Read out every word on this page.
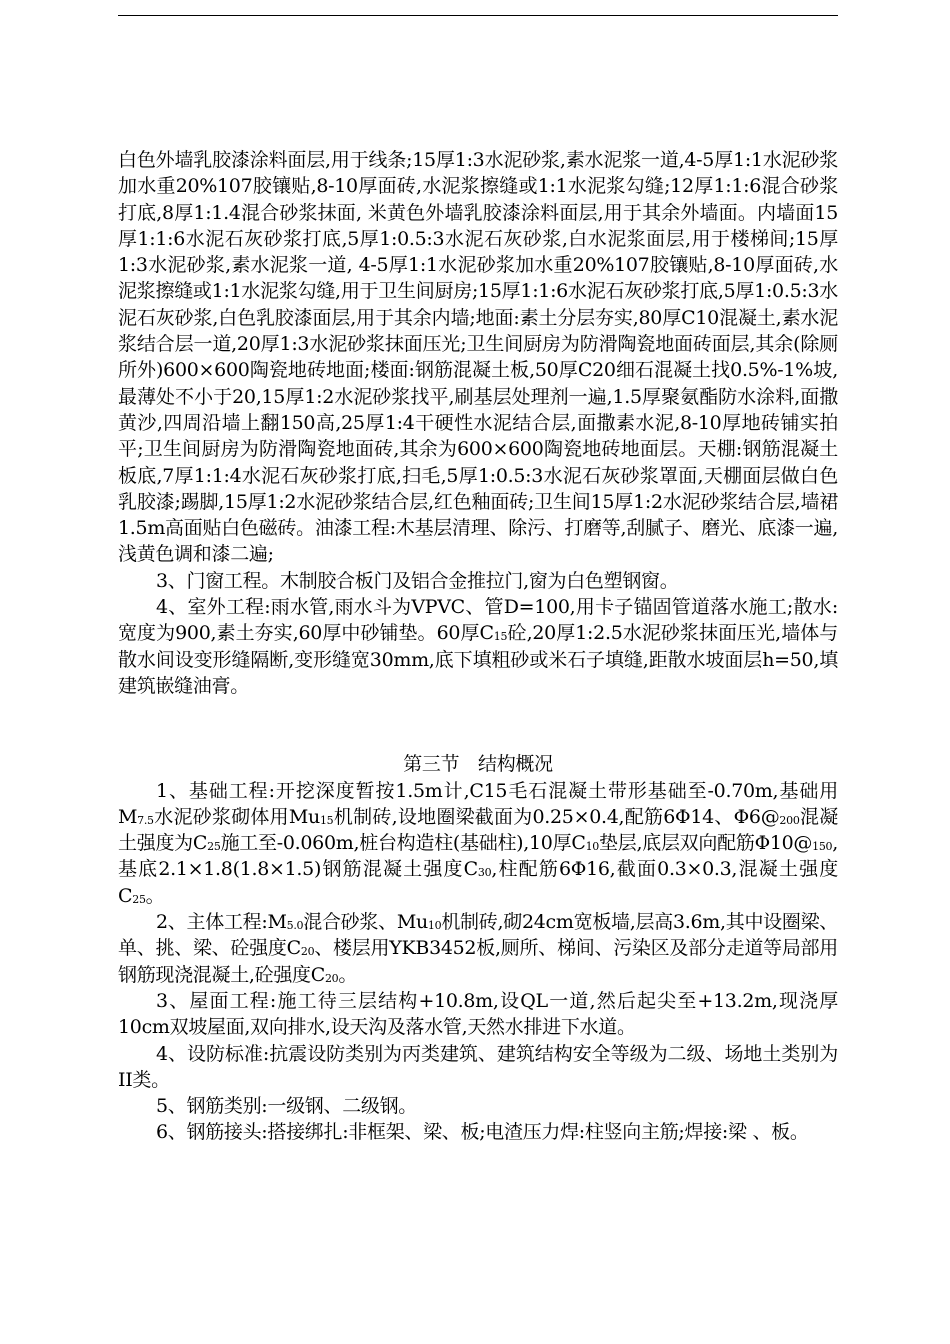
白色外墙乳胶漆涂料面层,用于线条;15厚1:3水泥砂浆,素水泥浆一道,4-5厚1:1水泥砂浆加水重20%107胶镶贴,8-10厚面砖,水泥浆擦缝或1:1水泥浆勾缝;12厚1:1:6混合砂浆打底,8厚1:1.4混合砂浆抹面, 米黄色外墙乳胶漆涂料面层,用于其余外墙面。内墙面15厚1:1:6水泥石灰砂浆打底,5厚1:0.5:3水泥石灰砂浆,白水泥浆面层,用于楼梯间;15厚1:3水泥砂浆,素水泥浆一道, 4-5厚1:1水泥砂浆加水重20%107胶镶贴,8-10厚面砖,水泥浆擦缝或1:1水泥浆勾缝,用于卫生间厨房;15厚1:1:6水泥石灰砂浆打底,5厚1:0.5:3水泥石灰砂浆,白色乳胶漆面层,用于其余内墙;地面:素土分层夯实,80厚C10混凝土,素水泥浆结合层一道,20厚1:3水泥砂浆抹面压光;卫生间厨房为防滑陶瓷地面砖面层,其余(除厕所外)600×600陶瓷地砖地面;楼面:钢筋混凝土板,50厚C20细石混凝土找0.5%-1%坡,最薄处不小于20,15厚1:2水泥砂浆找平,刷基层处理剂一遍,1.5厚聚氨酯防水涂料,面撒黄沙,四周沿墙上翻150高,25厚1:4干硬性水泥结合层,面撒素水泥,8-10厚地砖铺实拍平;卫生间厨房为防滑陶瓷地面砖,其余为600×600陶瓷地砖地面层。天棚:钢筋混凝土板底,7厚1:1:4水泥石灰砂浆打底,扫毛,5厚1:0.5:3水泥石灰砂浆罩面,天棚面层做白色乳胶漆;踢脚,15厚1:2水泥砂浆结合层,红色釉面砖;卫生间15厚1:2水泥砂浆结合层,墙裙1.5m高面贴白色磁砖。油漆工程:木基层清理、除污、打磨等,刮腻子、磨光、底漆一遍,浅黄色调和漆二遍;

3、门窗工程。木制胶合板门及铝合金推拉门,窗为白色塑钢窗。

4、室外工程:雨水管,雨水斗为VPVC、管D=100,用卡子锚固管道落水施工;散水:宽度为900,素土夯实,60厚中砂铺垫。60厚$C_{15}$砼,20厚1:2.5水泥砂浆抹面压光,墙体与散水间设变形缝隔断,变形缝宽30mm,底下填粗砂或米石子填缝,距散水坡面层h=50,填建筑嵌缝油膏。

第三节　结构概况

1、基础工程:开挖深度暂按1.5m计,C15毛石混凝土带形基础至-0.70m,基础用$M_{7.5}$水泥砂浆砌体用$Mu_{15}$机制砖,设地圈梁截面为0.25×0.4,配筋6Φ14、$\Phi 6@_{200}$混凝土强度为$C_{25}$施工至-0.060m,桩台构造柱(基础柱),10厚$C_{10}$垫层,底层双向配筋$\Phi 10@_{150}$,基底2.1×1.8(1.8×1.5)钢筋混凝土强度$C_{30}$,柱配筋6Φ16,截面0.3×0.3,混凝土强度$C_{25}$。

2、主体工程$:M_{5.0}$混合砂浆、$Mu_{10}$机制砖,砌24cm宽板墙,层高3.6m,其中设圈梁、单、挑、梁、砼强度$C_{20}$、楼层用YKB3452板,厕所、梯间、污染区及部分走道等局部用钢筋现浇混凝土,砼强度$C_{20}$。

3、屋面工程:施工待三层结构+10.8m,设QL一道,然后起尖至+13.2m,现浇厚10cm双坡屋面,双向排水,设天沟及落水管,天然水排进下水道。

4、设防标准:抗震设防类别为丙类建筑、建筑结构安全等级为二级、场地土类别为II类。

5、钢筋类别:一级钢、二级钢。

6、钢筋接头:搭接绑扎:非框架、梁、板;电渣压力焊:柱竖向主筋;焊接:梁 、板。
